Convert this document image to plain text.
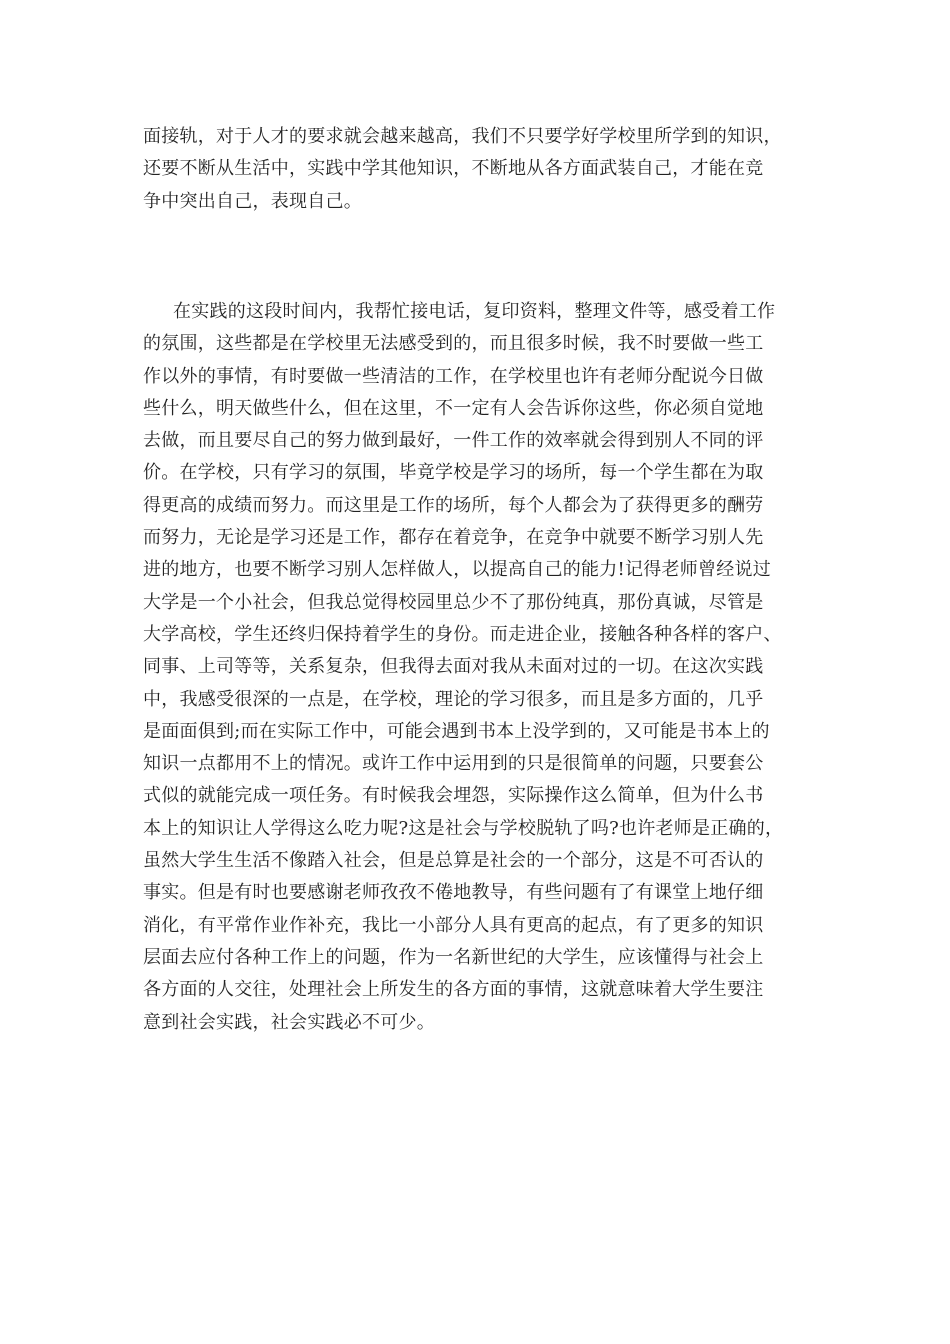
面接轨，对于人才的要求就会越来越高，我们不只要学好学校里所学到的知识，
还要不断从生活中，实践中学其他知识，不断地从各方面武装自己，才能在竞
争中突出自己，表现自己。

在实践的这段时间内，我帮忙接电话，复印资料，整理文件等，感受着工作
的氛围，这些都是在学校里无法感受到的，而且很多时候，我不时要做一些工
作以外的事情，有时要做一些清洁的工作，在学校里也许有老师分配说今日做
些什么，明天做些什么，但在这里，不一定有人会告诉你这些，你必须自觉地
去做，而且要尽自己的努力做到最好，一件工作的效率就会得到别人不同的评
价。在学校，只有学习的氛围，毕竟学校是学习的场所，每一个学生都在为取
得更高的成绩而努力。而这里是工作的场所，每个人都会为了获得更多的酬劳
而努力，无论是学习还是工作，都存在着竞争，在竞争中就要不断学习别人先
进的地方，也要不断学习别人怎样做人，以提高自己的能力!记得老师曾经说过
大学是一个小社会，但我总觉得校园里总少不了那份纯真，那份真诚，尽管是
大学高校，学生还终归保持着学生的身份。而走进企业，接触各种各样的客户、
同事、上司等等，关系复杂，但我得去面对我从未面对过的一切。在这次实践
中，我感受很深的一点是，在学校，理论的学习很多，而且是多方面的，几乎
是面面俱到;而在实际工作中，可能会遇到书本上没学到的，又可能是书本上的
知识一点都用不上的情况。或许工作中运用到的只是很简单的问题，只要套公
式似的就能完成一项任务。有时候我会埋怨，实际操作这么简单，但为什么书
本上的知识让人学得这么吃力呢?这是社会与学校脱轨了吗?也许老师是正确的，
虽然大学生生活不像踏入社会，但是总算是社会的一个部分，这是不可否认的
事实。但是有时也要感谢老师孜孜不倦地教导，有些问题有了有课堂上地仔细
消化，有平常作业作补充，我比一小部分人具有更高的起点，有了更多的知识
层面去应付各种工作上的问题，作为一名新世纪的大学生，应该懂得与社会上
各方面的人交往，处理社会上所发生的各方面的事情，这就意味着大学生要注
意到社会实践，社会实践必不可少。
